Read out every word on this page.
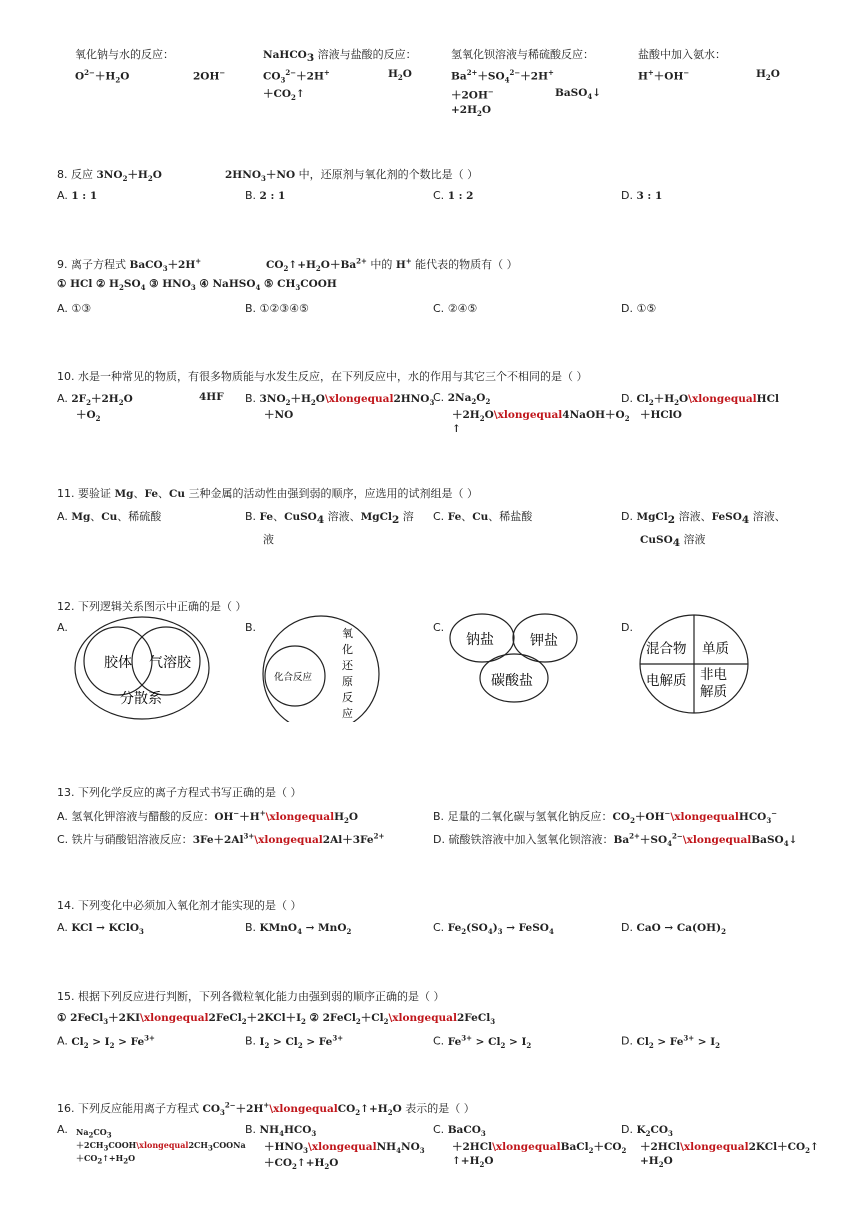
氧化钠与水的反应：
$O^{2-}+H_2O$	2OH−
NaHCO$_3$ 溶液与盐酸的反应：
$CO_3^{2-}+2H^+$	$H_2O$
$+CO_2↑$
氢氧化钡溶液与稀硫酸反应：
$Ba^{2+}+SO_4^{2-}+2H^+$
＋2OH−	BaSO$_4$↓
$+2H_2O$
盐酸中加入氨水：
H+＋OH−	$H_2O$
8. 反应 $3NO_2+H_2O$	$2HNO_3+NO$ 中，还原剂与氧化剂的个数比是（ ）
A. 1 : 1	B. 2 : 1	C. 1 : 2	D. 3 : 1
9. 离子方程式 BaCO$_3$＋2H+	$CO_2↑+H_2O+Ba^{2+}$ 中的 H+ 能代表的物质有（ ）
① HCl ② $H_2SO_4$ ③ $HNO_3$ ④ NaHSO$_4$ ⑤ $CH_3COOH$
A. ①③	B. ①②③④⑤	C. ②④⑤	D. ①⑤
10. 水是一种常见的物质，有很多物质能与水发生反应，在下列反应中，水的作用与其它三个不相同的是（ ）
A. $2F_2+2H_2O$	4HF
$+O_2$
B. $3NO_2+H_2O\backslash xlongequal2HNO_3$
＋NO
C. $2Na_2O_2$
$+2H_2O\backslash xlongequal4NaOH+O_2$
↑
D. $Cl_2+H_2O\backslash xlongequalHCl$
＋HClO
11. 要验证 Mg、Fe、Cu 三种金属的活动性由强到弱的顺序，应选用的试剂组是（ ）
A. Mg、Cu、稀硫酸	B. Fe、CuSO$_4$ 溶液、MgCl$_2$ 溶
液
C. Fe、Cu、稀盐酸	D. MgCl$_2$ 溶液、FeSO$_4$ 溶液、
CuSO$_4$ 溶液
12. 下列逻辑关系图示中正确的是（ ）
A.	B.	C.	D.
胶体 气溶胶
分散系
化合反应
氧
化
还
原
反
应
钠盐	钾盐
碳酸盐
混合物 单质
电解质 非电
解质
13. 下列化学反应的离子方程式书写正确的是（ ）
A. 氢氧化钾溶液与醋酸的反应：OH−＋H+\xlongequalH$_2$O	B. 足量的二氧化碳与氢氧化钠反应：$CO_2+OH^-\backslash xlongequalHCO_3^-$
C. 铁片与硝酸铝溶液反应：$3Fe+2Al^{3+}\backslash xlongequal2Al+3Fe^{2+}$	D. 硫酸铁溶液中加入氢氧化钡溶液：$Ba^{2+}+SO_4^{2-}\backslash xlongequalBaSO_4↓$
14. 下列变化中必须加入氧化剂才能实现的是（ ）
A. KCl → KClO$_3$	B. KMnO$_4$ → MnO$_2$	C. $Fe_2(SO_4)_3$ → FeSO$_4$	D. CaO → $Ca(OH)_2$
15. 根据下列反应进行判断，下列各微粒氧化能力由强到弱的顺序正确的是（ ）
① $2FeCl_3+2KI\backslash xlongequal2FeCl_2+2KCl+I_2$ ② $2FeCl_2+Cl_2\backslash xlongequal2FeCl_3$
A. $Cl_2 > I_2 > Fe^{3+}$	B. $I_2 > Cl_2 > Fe^{3+}$	C. $Fe^{3+} > Cl_2 > I_2$	D. $Cl_2 > Fe^{3+} > I_2$
16. 下列反应能用离子方程式 $CO_3^{2-}+2H^+\backslash xlongequalCO_2↑+H_2O$ 表示的是（ ）
A. $Na_2CO_3$
$+2CH_3COOH\backslash xlongequal2CH_3COONa$
$+CO_2↑+H_2O$
B. $NH_4HCO_3$
$+HNO_3\backslash xlongequalNH_4NO_3$
$+CO_2↑+H_2O$
C. BaCO$_3$
$+2HCl\backslash xlongequalBaCl_2+CO_2$
$↑+H_2O$
D. $K_2CO_3$
$+2HCl\backslash xlongequal2KCl+CO_2↑$
$+H_2O$
